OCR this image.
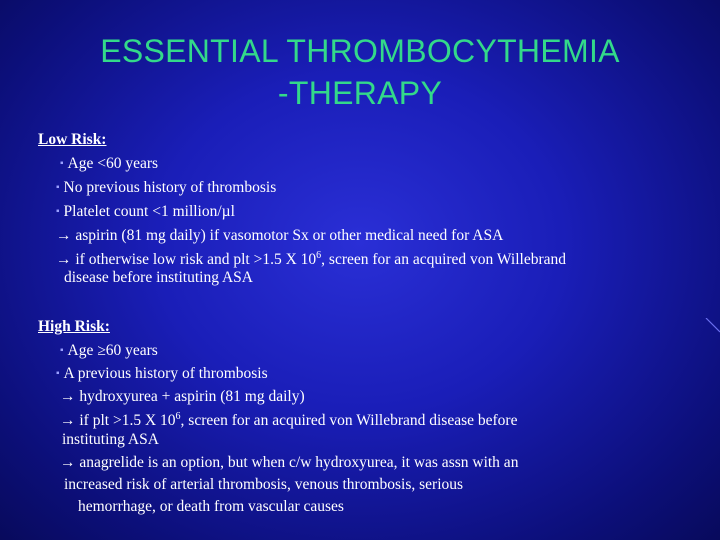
ESSENTIAL THROMBOCYTHEMIA
-THERAPY
Low Risk:
▪ Age <60 years
▪ No previous history of thrombosis
▪ Platelet count <1 million/µl
→ aspirin (81 mg daily) if vasomotor Sx or other medical need for ASA
→ if otherwise low risk and plt >1.5 X $10^6$, screen for an acquired von Willebrand
disease before instituting ASA
High Risk:
▪ Age ≥60 years
▪ A previous history of thrombosis
→ hydroxyurea + aspirin (81 mg daily)
→ if plt >1.5 X $10^6$, screen for an acquired von Willebrand disease before
instituting ASA
→ anagrelide is an option, but when c/w hydroxyurea, it was assn with an
increased risk of arterial thrombosis, venous thrombosis, serious
hemorrhage, or death from vascular causes
